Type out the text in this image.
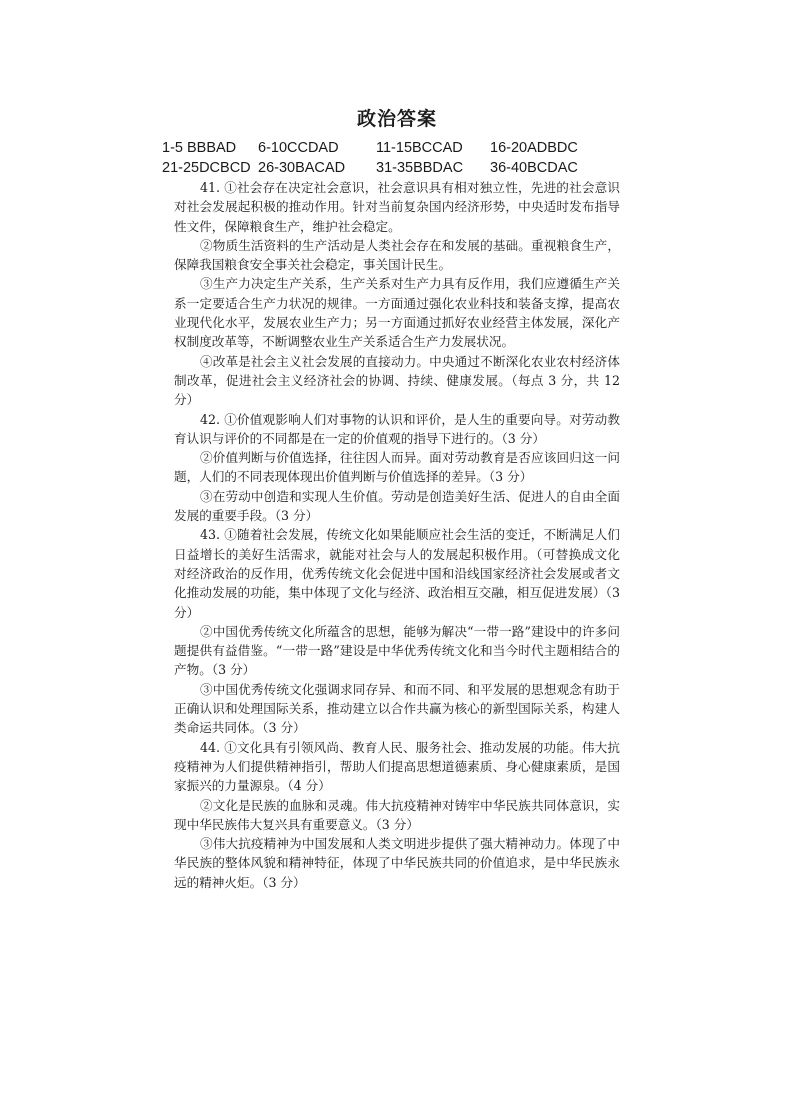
政治答案
1-5 BBBAD 6-10CCDAD	11-15BCCAD 16-20ADBDC
21-25DCBCD 26-30BACAD 31-35BBDAC 36-40BCDAC

41. ①社会存在决定社会意识，社会意识具有相对独立性，先进的社会意识对社会发展起积极的推动作用。针对当前复杂国内经济形势，中央适时发布指导性文件，保障粮食生产，维护社会稳定。

②物质生活资料的生产活动是人类社会存在和发展的基础。重视粮食生产，保障我国粮食安全事关社会稳定，事关国计民生。

③生产力决定生产关系，生产关系对生产力具有反作用，我们应遵循生产关系一定要适合生产力状况的规律。一方面通过强化农业科技和装备支撑，提高农业现代化水平，发展农业生产力；另一方面通过抓好农业经营主体发展，深化产权制度改革等，不断调整农业生产关系适合生产力发展状况。

④改革是社会主义社会发展的直接动力。中央通过不断深化农业农村经济体制改革，促进社会主义经济社会的协调、持续、健康发展。（每点 3 分，共 12 分）

42. ①价值观影响人们对事物的认识和评价，是人生的重要向导。对劳动教育认识与评价的不同都是在一定的价值观的指导下进行的。（3 分）

②价值判断与价值选择，往往因人而异。面对劳动教育是否应该回归这一问题，人们的不同表现体现出价值判断与价值选择的差异。（3 分）

③在劳动中创造和实现人生价值。劳动是创造美好生活、促进人的自由全面发展的重要手段。（3 分）

43. ①随着社会发展，传统文化如果能顺应社会生活的变迁，不断满足人们日益增长的美好生活需求，就能对社会与人的发展起积极作用。（可替换成文化对经济政治的反作用，优秀传统文化会促进中国和沿线国家经济社会发展或者文化推动发展的功能，集中体现了文化与经济、政治相互交融，相互促进发展）（3 分）

②中国优秀传统文化所蕴含的思想，能够为解决“一带一路”建设中的许多问题提供有益借鉴。“一带一路”建设是中华优秀传统文化和当今时代主题相结合的产物。（3 分）

③中国优秀传统文化强调求同存异、和而不同、和平发展的思想观念有助于正确认识和处理国际关系，推动建立以合作共赢为核心的新型国际关系，构建人类命运共同体。（3 分）

44. ①文化具有引领风尚、教育人民、服务社会、推动发展的功能。伟大抗疫精神为人们提供精神指引，帮助人们提高思想道德素质、身心健康素质，是国家振兴的力量源泉。（4 分）

②文化是民族的血脉和灵魂。伟大抗疫精神对铸牢中华民族共同体意识，实现中华民族伟大复兴具有重要意义。（3 分）

③伟大抗疫精神为中国发展和人类文明进步提供了强大精神动力。体现了中华民族的整体风貌和精神特征，体现了中华民族共同的价值追求，是中华民族永远的精神火炬。（3 分）
